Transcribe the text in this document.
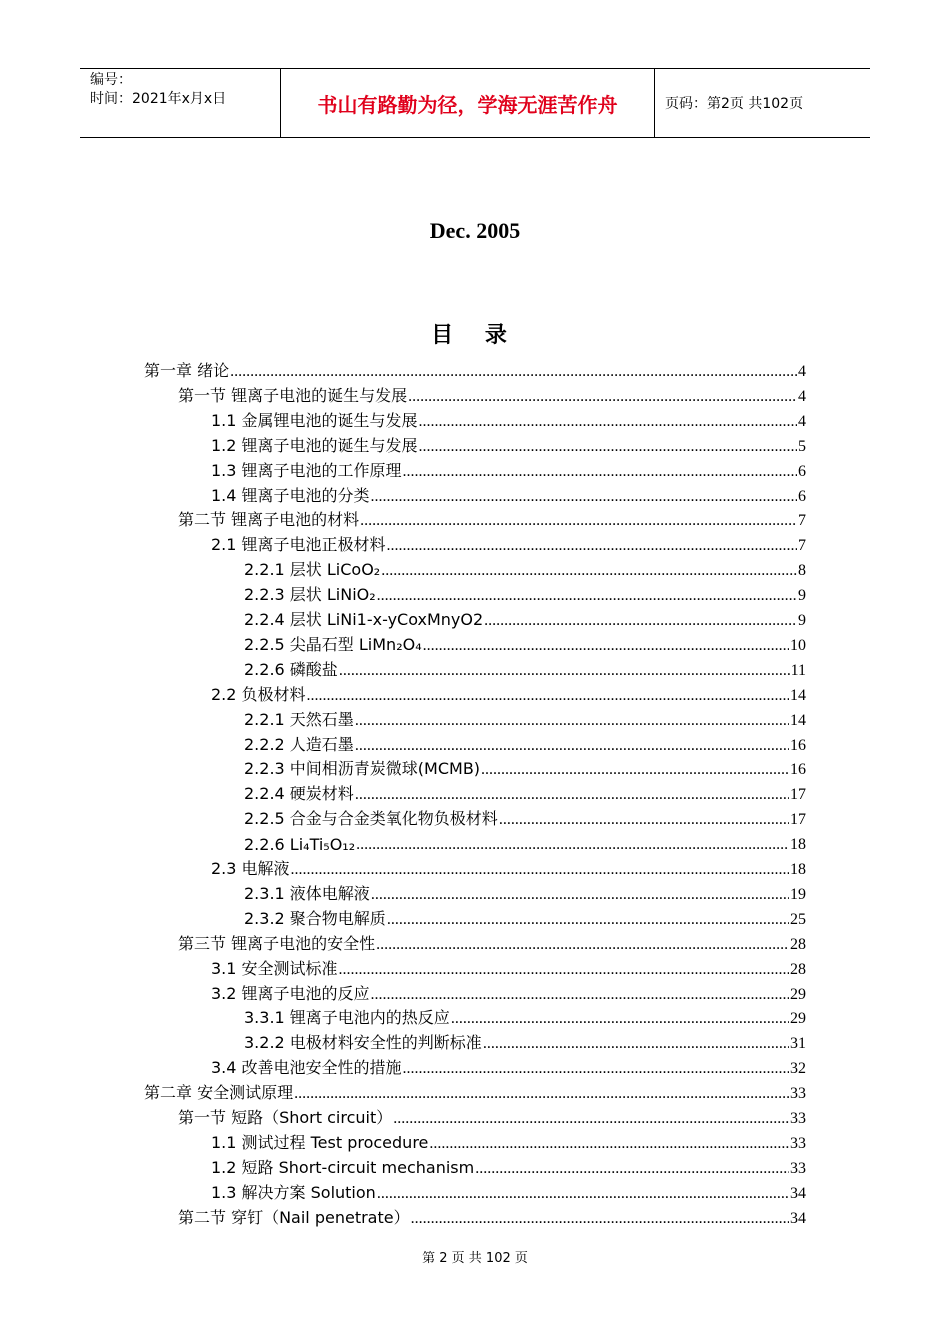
编号：
时间：2021年x月x日	书山有路勤为径，学海无涯苦作舟	页码：第2页 共102页
Dec. 2005
目 录
第一章 绪论 .....	4
第一节 锂离子电池的诞生与发展 .....	4
1.1 金属锂电池的诞生与发展 .....	4
1.2 锂离子电池的诞生与发展 .....	5
1.3 锂离子电池的工作原理 .....	6
1.4 锂离子电池的分类 .....	6
第二节 锂离子电池的材料 .....	7
2.1 锂离子电池正极材料 .....	7
2.2.1 层状 LiCoO₂ .....	8
2.2.3 层状 LiNiO₂ .....	9
2.2.4 层状 LiNi1-x-yCoxMnyO2 .....	9
2.2.5 尖晶石型 LiMn₂O₄ .....	10
2.2.6 磷酸盐 .....	11
2.2 负极材料 .....	14
2.2.1 天然石墨 .....	14
2.2.2 人造石墨 .....	16
2.2.3 中间相沥青炭微球(MCMB) .....	16
2.2.4 硬炭材料 .....	17
2.2.5 合金与合金类氧化物负极材料 .....	17
2.2.6 Li₄Ti₅O₁₂ .....	18
2.3 电解液 .....	18
2.3.1 液体电解液 .....	19
2.3.2 聚合物电解质 .....	25
第三节 锂离子电池的安全性 .....	28
3.1 安全测试标准 .....	28
3.2 锂离子电池的反应 .....	29
3.3.1 锂离子电池内的热反应 .....	29
3.2.2 电极材料安全性的判断标准 .....	31
3.4 改善电池安全性的措施 .....	32
第二章 安全测试原理 .....	33
第一节 短路（Short circuit） .....	33
1.1 测试过程 Test procedure .....	33
1.2 短路 Short-circuit mechanism .....	33
1.3 解决方案 Solution .....	34
第二节 穿钉（Nail penetrate） .....	34
第 2 页 共 102 页
